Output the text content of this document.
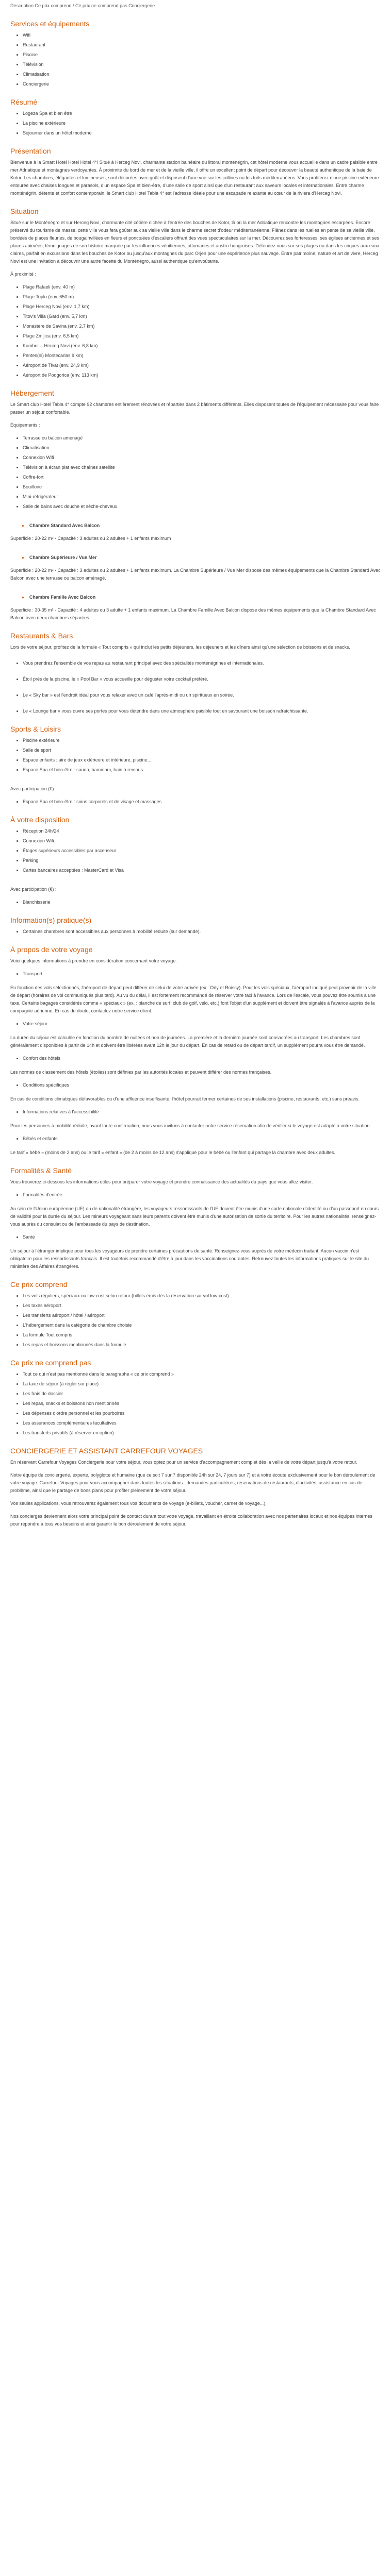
Description Ce prix comprend / Ce prix ne comprend pas Conciergerie
Services et équipements
• Wifi
• Restaurant
• Piscine
• Télévision
• Climatisation
• Conciergerie
Résumé
• Logeza Spa et bien être
• La piscine extérieure
• Séjourner dans un hôtel moderne
Présentation

Bienvenue à la Smart Hotel Hotel Hotel 4*! Situé à Herceg Novi, charmante station balnéaire du littoral monténégrin, cet hôtel moderne vous accueille dans un cadre paisible entre mer Adriatique et montagnes verdoyantes. À proximité du bord de mer et de la vieille ville, il offre un excellent point de départ pour découvrir la beauté authentique de la baie de Kotor. Les chambres, élégantes et lumineuses, sont décorées avec goût et disposent d'une vue sur les collines ou les toits méditerranéens. Vous profiterez d'une piscine extérieure entourée avec chaises longues et parasols, d'un espace Spa et bien-être, d'une salle de sport ainsi que d'un restaurant aux saveurs locales et internationales. Entre charme monténégrin, détente et confort contemporain, le Smart club Hotel Tabla 4* est l'adresse idéale pour une escapade relaxante au cœur de la riviera d'Herceg Novi.

Situation

Situé sur le Monténégro et sur Herceg Novi, charmante cité côtière nichée à l'entrée des bouches de Kotor, là où la mer Adriatique rencontre les montagnes escarpées. Encore préservé du tourisme de masse, cette ville vous fera goûter aux sa vieille ville dans le charme secret d'odeur méditerranéenne. Flânez dans les ruelles en pente de sa vieille ville, bordées de places fleuries, de bougainvillées en fleurs et ponctuées d'escaliers offrant des vues spectaculaires sur la mer. Découvrez ses forteresses, ses églises anciennes et ses places animées, témoignages de son histoire marquée par les influences vénitiennes, ottomanes et austro-hongroises. Détendez-vous sur ses plages ou dans les criques aux eaux claires, parfait en excursions dans les bouches de Kotor ou jusqu'aux montagnes du parc Orjen pour une expérience plus sauvage. Entre patrimoine, nature et art de vivre, Herceg Novi est une invitation à découvrir une autre facette du Monténégro, aussi authentique qu'envoûtante.

À proximité :

• Plage Rafaeli (env. 40 m)
• Plage Toplo (env. 650 m)
• Plage Herceg Novi (env. 1,7 km)
• Titov's Villa (Gard (env. 5,7 km)
• Monastère de Savina (env. 2,7 km)
• Plage Zmijica (env. 6,5 km)
• Kumbor – Herceg Novi (env. 6,8 km)
• Pentes(ni) Montecarlas 9 km)
• Aéroport de Tivat (env. 24,9 km)
• Aéroport de Podgorica (env. 113 km)
Hébergement

Le Smart club Hotel Tabla 4* compte 92 chambres entièrement rénovées et réparties dans 2 bâtiments différents. Elles disposent toutes de l'équipement nécessaire pour vous faire passer un séjour confortable.

Équipements :

• Terrasse ou balcon aménagé
• Climatisation
• Connexion Wifi
• Télévision à écran plat avec chaînes satellite
• Coffre-fort
• Bouilloire
• Mini-réfrigérateur
• Salle de bains avec douche et sèche-cheveux
● Chambre Standard Avec Balcon

Superficie : 20-22 m² · Capacité : 3 adultes ou 2 adultes + 1 enfants maximum

● Chambre Supérieure / Vue Mer

Superficie : 20-22 m² · Capacité : 3 adultes ou 2 adultes + 1 enfants maximum. La Chambre Supérieure / Vue Mer dispose des mêmes équipements que la Chambre Standard Avec Balcon avec une terrasse ou balcon aménagé.

● Chambre Famille Avec Balcon

Superficie : 30-35 m² · Capacité : 4 adultes ou 3 adulte + 1 enfants maximum. La Chambre Famille Avec Balcon dispose des mêmes équipements que la Chambre Standard Avec Balcon avec deux chambres séparées.

Restaurants & Bars

Lors de votre séjour, profitez de la formule « Tout compris » qui inclut les petits déjeuners, les déjeuners et les dîners ainsi qu'une sélection de boissons et de snacks.

• Vous prendrez l'ensemble de vos repas au restaurant principal avec des spécialités monténégrines et internationales.
• Étoil près de la piscine, le « Pool Bar » vous accueille pour déguster votre cocktail préféré.
• Le « Sky bar » est l'endroit idéal pour vous relaxer avec un café l'après-midi ou un spiritueux en soirée.
• Le « Lounge bar » vous ouvre ses portes pour vous détendre dans une atmosphère paisible tout en savourant une boisson rafraîchissante.
Sports & Loisirs
• Piscine extérieure
• Salle de sport
• Espace enfants : aire de jeux extérieure et intérieure, piscine...
• Espace Spa et bien-être : sauna, hammam, bain à remous

Avec participation (€) :

• Espace Spa et bien-être : soins corporels et de visage et massages
À votre disposition
• Réception 24h/24
• Connexion Wifi
• Étages supérieurs accessibles par ascenseur
• Parking
• Cartes bancaires acceptées : MasterCard et Visa

Avec participation (€) :

• Blanchisserie
Information(s) pratique(s)
• Certaines chambres sont accessibles aux personnes à mobilité réduite (sur demande).
À propos de votre voyage

Voici quelques informations à prendre en considération concernant votre voyage.

• Transport

En fonction des vols sélectionnés, l'aéroport de départ peut différer de celui de votre arrivée (ex : Orly et Roissy). Pour les vols spéciaux, l'aéroport indiqué peut provenir de la ville de départ (horaires de vol communiqués plus tard). Au vu du délai, il est fortement recommandé de réserver votre taxi à l'avance. Lors de l'escale, vous pouvez être soumis à une taxe. Certains bagages considérés comme « spéciaux » (ex. : planche de surf, club de golf, vélo, etc.) font l'objet d'un supplément et doivent être signalés à l'avance auprès de la compagnie aérienne. En cas de doute, contactez notre service client.

• Votre séjour

La durée du séjour est calculée en fonction du nombre de nuitées et non de journées. La première et la dernière journée sont consacrées au transport. Les chambres sont généralement disponibles à partir de 14h et doivent être libérées avant 12h le jour du départ. En cas de retard ou de départ tardif, un supplément pourra vous être demandé.

• Confort des hôtels

Les normes de classement des hôtels (étoiles) sont définies par les autorités locales et peuvent différer des normes françaises.

• Conditions spécifiques

En cas de conditions climatiques défavorables ou d'une affluence insuffisante, l'hôtel pourrait fermer certaines de ses installations (piscine, restaurants, etc.) sans préavis.

• Informations relatives à l'accessibilité

Pour les personnes à mobilité réduite, avant toute confirmation, nous vous invitons à contacter notre service réservation afin de vérifier si le voyage est adapté à votre situation.

• Bébés et enfants

Le tarif « bébé » (moins de 2 ans) ou le tarif « enfant » (de 2 à moins de 12 ans) s'applique pour le bébé ou l'enfant qui partage la chambre avec deux adultes.

Formalités & Santé

Vous trouverez ci-dessous les informations utiles pour préparer votre voyage et prendre connaissance des actualités du pays que vous allez visiter.

• Formalités d'entrée

Au sein de l'Union européenne (UE) ou de nationalité étrangère, les voyageurs ressortissants de l'UE doivent être munis d'une carte nationale d'identité ou d'un passeport en cours de validité pour la durée du séjour. Les mineurs voyageant sans leurs parents doivent être munis d'une autorisation de sortie du territoire. Pour les autres nationalités, renseignez-vous auprès du consulat ou de l'ambassade du pays de destination.

• Santé

Un séjour à l'étranger implique pour tous les voyageurs de prendre certaines précautions de santé. Renseignez-vous auprès de votre médecin traitant. Aucun vaccin n'est obligatoire pour les ressortissants français. Il est toutefois recommandé d'être à jour dans les vaccinations courantes. Retrouvez toutes les informations pratiques sur le site du ministère des Affaires étrangères.

Ce prix comprend
• Les vols réguliers, spéciaux ou low-cost selon retour (billets émis dès la réservation sur vol low-cost)
• Les taxes aéroport
• Les transferts aéroport / hôtel / aéroport
• L'hébergement dans la catégorie de chambre choisie
• La formule Tout compris
• Les repas et boissons mentionnés dans la formule
Ce prix ne comprend pas
• Tout ce qui n'est pas mentionné dans le paragraphe « ce prix comprend »
• La taxe de séjour (à régler sur place)
• Les frais de dossier
• Les repas, snacks et boissons non mentionnés
• Les dépenses d'ordre personnel et les pourboires
• Les assurances complémentaires facultatives
• Les transferts privatifs (à réserver en option)
CONCIERGERIE ET ASSISTANT CARREFOUR VOYAGES

En réservant Carrefour Voyages Conciergerie pour votre séjour, vous optez pour un service d'accompagnement complet dès la veille de votre départ jusqu'à votre retour.

Notre équipe de conciergerie, experte, polyglotte et humaine (que ce soit 7 sur 7 disponible 24h sur 24, 7 jours sur 7) et à votre écoute exclusivement pour le bon déroulement de votre voyage. Carrefour Voyages pour vous accompagner dans toutes les situations : demandes particulières, réservations de restaurants, d'activités, assistance en cas de problème, ainsi que le partage de bons plans pour profiter pleinement de votre séjour.

Vos seules applications, vous retrouverez également tous vos documents de voyage (e-billets, voucher, carnet de voyage...).

Nos concierges deviennent alors votre principal point de contact durant tout votre voyage, travaillant en étroite collaboration avec nos partenaires locaux et nos équipes internes pour répondre à tous vos besoins et ainsi garantir le bon déroulement de votre séjour.
